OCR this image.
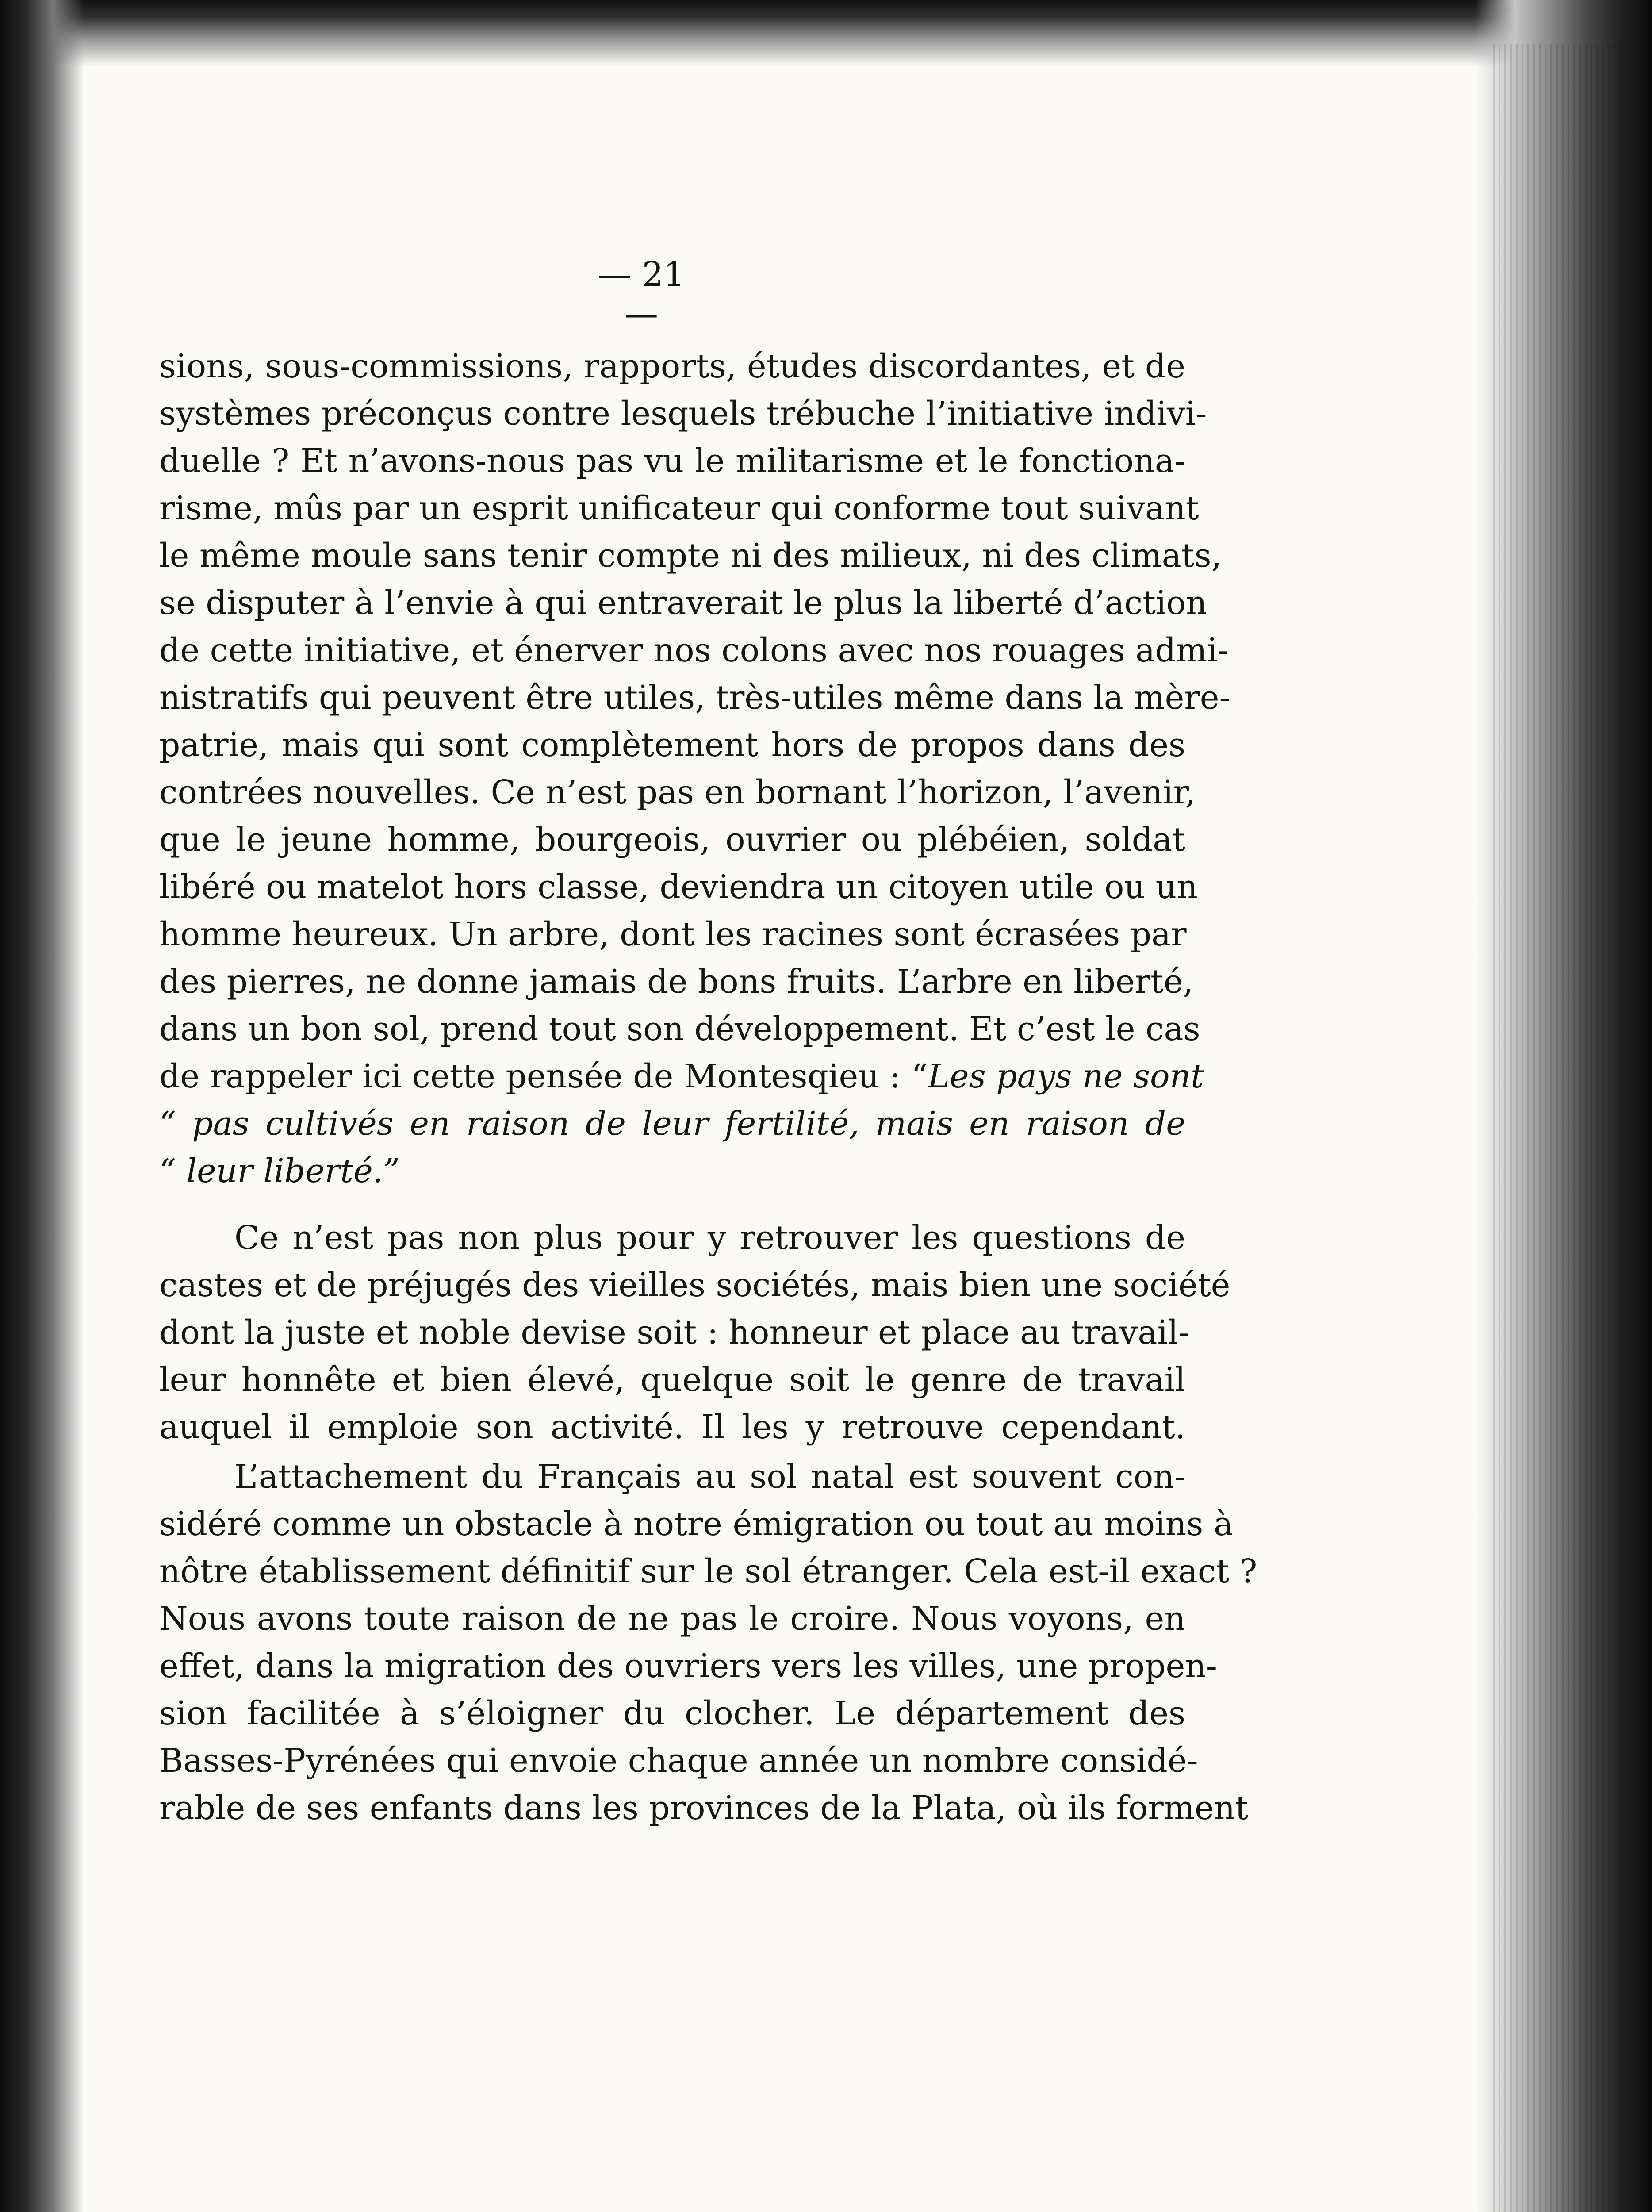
— 21 —
sions, sous-commissions, rapports, études discordantes, et de
systèmes préconçus contre lesquels trébuche l’initiative indivi-
duelle ? Et n’avons-nous pas vu le militarisme et le fonctiona-
risme, mûs par un esprit unificateur qui conforme tout suivant
le même moule sans tenir compte ni des milieux, ni des climats,
se disputer à l’envie à qui entraverait le plus la liberté d’action
de cette initiative, et énerver nos colons avec nos rouages admi-
nistratifs qui peuvent être utiles, très-utiles même dans la mère-
patrie, mais qui sont complètement hors de propos dans des
contrées nouvelles. Ce n’est pas en bornant l’horizon, l’avenir,
que le jeune homme, bourgeois, ouvrier ou plébéien, soldat
libéré ou matelot hors classe, deviendra un citoyen utile ou un
homme heureux. Un arbre, dont les racines sont écrasées par
des pierres, ne donne jamais de bons fruits. L’arbre en liberté,
dans un bon sol, prend tout son développement. Et c’est le cas
de rappeler ici cette pensée de Montesqieu : “Les pays ne sont
“ pas cultivés en raison de leur fertilité, mais en raison de
“ leur liberté.”
Ce n’est pas non plus pour y retrouver les questions de
castes et de préjugés des vieilles sociétés, mais bien une société
dont la juste et noble devise soit : honneur et place au travail-
leur honnête et bien élevé, quelque soit le genre de travail
auquel il emploie son activité. Il les y retrouve cependant.
L’attachement du Français au sol natal est souvent con-
sidéré comme un obstacle à notre émigration ou tout au moins à
nôtre établissement définitif sur le sol étranger. Cela est-il exact ?
Nous avons toute raison de ne pas le croire. Nous voyons, en
effet, dans la migration des ouvriers vers les villes, une propen-
sion facilitée à s’éloigner du clocher. Le département des
Basses-Pyrénées qui envoie chaque année un nombre considé-
rable de ses enfants dans les provinces de la Plata, où ils forment
